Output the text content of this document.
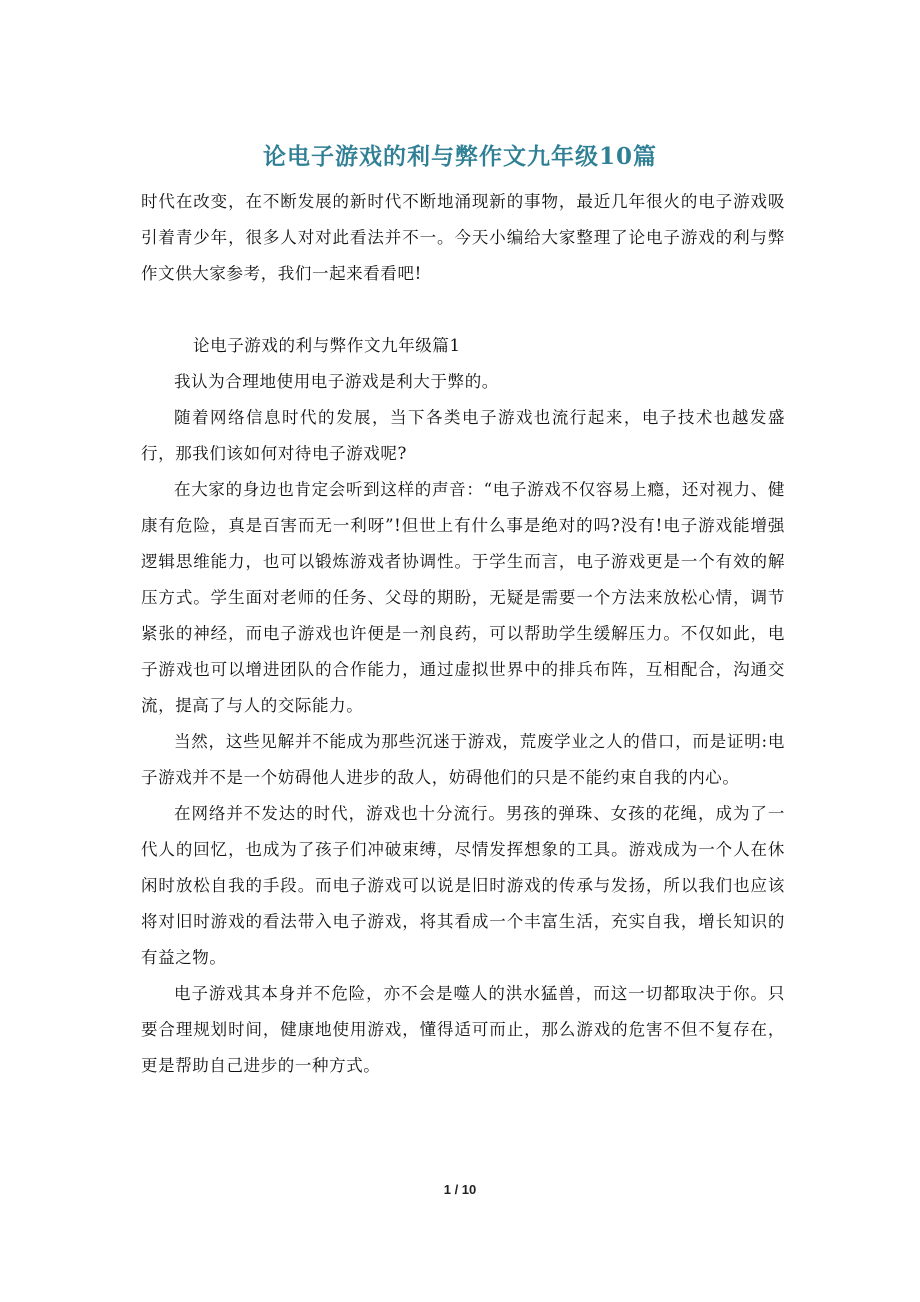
论电子游戏的利与弊作文九年级10篇

时代在改变，在不断发展的新时代不断地涌现新的事物，最近几年很火的电子游戏吸引着青少年，很多人对对此看法并不一。今天小编给大家整理了论电子游戏的利与弊作文供大家参考，我们一起来看看吧!

论电子游戏的利与弊作文九年级篇1

我认为合理地使用电子游戏是利大于弊的。

随着网络信息时代的发展，当下各类电子游戏也流行起来，电子技术也越发盛行，那我们该如何对待电子游戏呢?

在大家的身边也肯定会听到这样的声音：“电子游戏不仅容易上瘾，还对视力、健康有危险，真是百害而无一利呀”!但世上有什么事是绝对的吗?没有!电子游戏能增强逻辑思维能力，也可以锻炼游戏者协调性。于学生而言，电子游戏更是一个有效的解压方式。学生面对老师的任务、父母的期盼，无疑是需要一个方法来放松心情，调节紧张的神经，而电子游戏也许便是一剂良药，可以帮助学生缓解压力。不仅如此，电子游戏也可以增进团队的合作能力，通过虚拟世界中的排兵布阵，互相配合，沟通交流，提高了与人的交际能力。

当然，这些见解并不能成为那些沉迷于游戏，荒废学业之人的借口，而是证明:电子游戏并不是一个妨碍他人进步的敌人，妨碍他们的只是不能约束自我的内心。

在网络并不发达的时代，游戏也十分流行。男孩的弹珠、女孩的花绳，成为了一代人的回忆，也成为了孩子们冲破束缚，尽情发挥想象的工具。游戏成为一个人在休闲时放松自我的手段。而电子游戏可以说是旧时游戏的传承与发扬，所以我们也应该将对旧时游戏的看法带入电子游戏，将其看成一个丰富生活，充实自我，增长知识的有益之物。

电子游戏其本身并不危险，亦不会是噬人的洪水猛兽，而这一切都取决于你。只要合理规划时间，健康地使用游戏，懂得适可而止，那么游戏的危害不但不复存在，更是帮助自己进步的一种方式。

1 / 10
